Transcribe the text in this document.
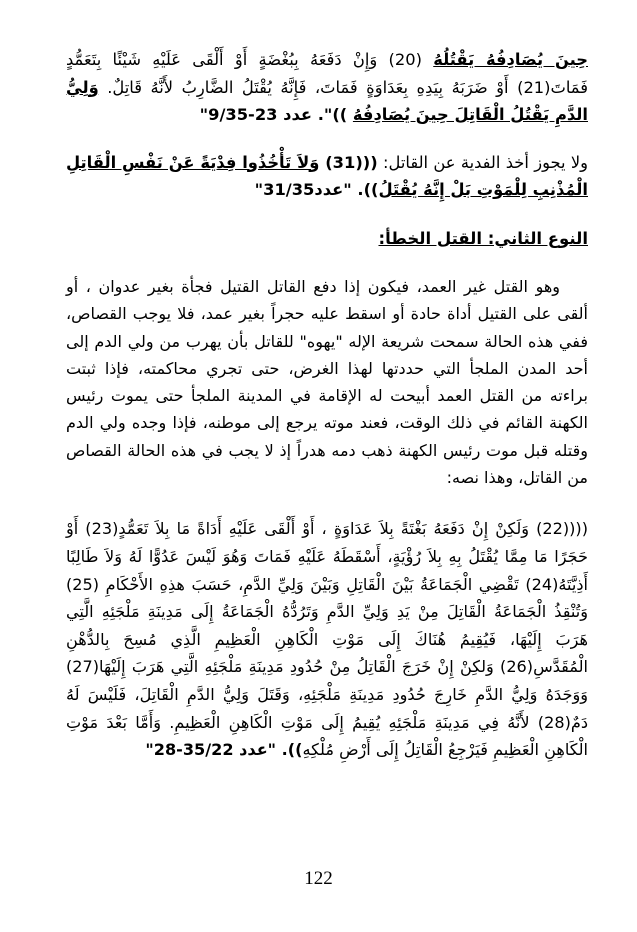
حِينَ يُصَادِفُهُ يَقْتُلُهُ (20) وَإِنْ دَفَعَهُ بِبُغْضَةٍ أَوْ أَلْقَى عَلَيْهِ شَيْئًا بِتَعَمُّدٍ فَمَاتَ(21) أَوْ ضَرَبَهُ بِيَدِهِ بِعَدَاوَةٍ فَمَاتَ، فَإِنَّهُ يُقْتَلُ الضَّارِبُ لأَنَّهُ قَاتِلٌ. وَلِيُّ الدَّمِ يَقْتُلُ الْقَاتِلَ حِينَ يُصَادِفُهُ ))". عدد 23-9/35"

ولا يجوز أخذ الفدية عن القاتل: (((31) وَلاَ تَأْخُذُوا فِدْيَةً عَنْ نَفْسِ الْقَاتِلِ الْمُذْنِبِ لِلْمَوْتِ بَلْ إِنَّهُ يُقْتَلُ)). "عدد31/35"

النوع الثاني: القتل الخطأ:

وهو القتل غير العمد، فيكون إذا دفع القاتل القتيل فجأة بغير عدوان ، أو ألقى على القتيل أداة حادة أو اسقط عليه حجراً بغير عمد، فلا يوجب القصاص، ففي هذه الحالة سمحت شريعة الإله "يهوه" للقاتل بأن يهرب من ولي الدم إلى أحد المدن الملجأ التي حددتها لهذا الغرض، حتى تجري محاكمته، فإذا ثبتت براءته من القتل العمد أبيحت له الإقامة في المدينة الملجأ حتى يموت رئيس الكهنة القائم في ذلك الوقت، فعند موته يرجع إلى موطنه، فإذا وجده ولي الدم وقتله قبل موت رئيس الكهنة ذهب دمه هدراً إذ لا يجب في هذه الحالة القصاص من القاتل، وهذا نصه:

((((22) وَلَكِنْ إِنْ دَفَعَهُ بَغْتَةً بِلاَ عَدَاوَةٍ ، أَوْ أَلْقَى عَلَيْهِ أَدَاةً مَا بِلاَ تَعَمُّدٍ(23) أَوْ حَجَرًا مَا مِمَّا يُقْتَلُ بِهِ بِلاَ رُؤْيَةٍ، أَسْقَطَهُ عَلَيْهِ فَمَاتَ وَهُوَ لَيْسَ عَدُوًّا لَهُ وَلاَ طَالِبًا أَذِيَّتَهُ(24) تَقْضِي الْجَمَاعَةُ بَيْنَ الْقَاتِلِ وَبَيْنَ وَلِيِّ الدَّمِ، حَسَبَ هذِهِ الأَحْكَامِ (25) وَتُنْقِذُ الْجَمَاعَةُ الْقَاتِلَ مِنْ يَدِ وَلِيِّ الدَّمِ وَتَرُدُّهُ الْجَمَاعَةُ إِلَى مَدِينَةِ مَلْجَئِهِ الَّتِي هَرَبَ إِلَيْهَا، فَيُقِيمُ هُنَاكَ إِلَى مَوْتِ الْكَاهِنِ الْعَظِيمِ الَّذِي مُسِحَ بِالدُّهْنِ الْمُقَدَّسِ(26) وَلكِنْ إِنْ خَرَجَ الْقَاتِلُ مِنْ حُدُودِ مَدِينَةِ مَلْجَئِهِ الَّتِي هَرَبَ إِلَيْهَا(27) وَوَجَدَهُ وَلِيُّ الدَّمِ خَارِجَ حُدُودِ مَدِينَةِ مَلْجَئِهِ، وَقَتَلَ وَلِيُّ الدَّمِ الْقَاتِلَ، فَلَيْسَ لَهُ دَمٌ(28) لأَنَّهُ فِي مَدِينَةِ مَلْجَئِهِ يُقِيمُ إِلَى مَوْتِ الْكَاهِنِ الْعَظِيمِ. وَأَمَّا بَعْدَ مَوْتِ الْكَاهِنِ الْعَظِيمِ فَيَرْجِعُ الْقَاتِلُ إِلَى أَرْضِ مُلْكِهِ)). "عدد 35/22-28"

122
